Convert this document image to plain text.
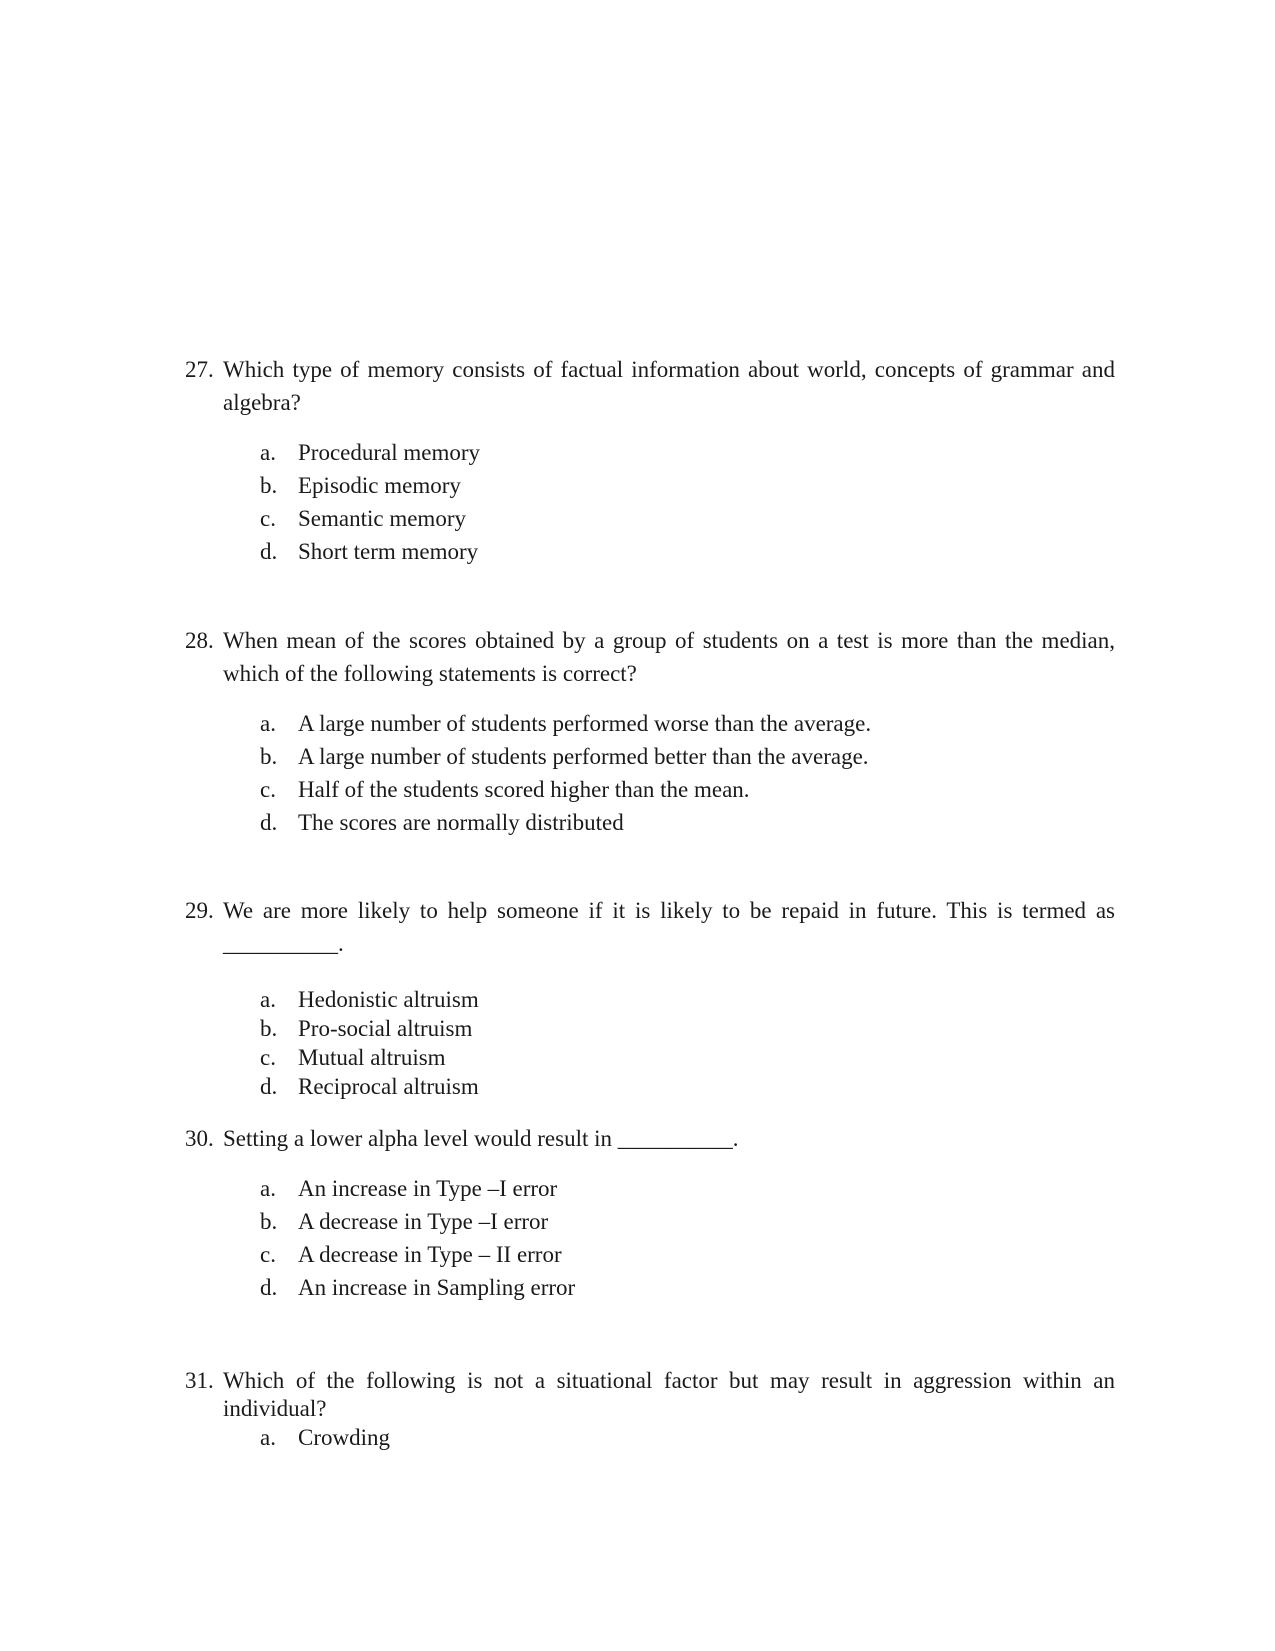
27. Which type of memory consists of factual information about world, concepts of grammar and algebra?
a. Procedural memory
b. Episodic memory
c. Semantic memory
d. Short term memory
28. When mean of the scores obtained by a group of students on a test is more than the median, which of the following statements is correct?
a. A large number of students performed worse than the average.
b. A large number of students performed better than the average.
c. Half of the students scored higher than the mean.
d. The scores are normally distributed
29. We are more likely to help someone if it is likely to be repaid in future. This is termed as __________.
a. Hedonistic altruism
b. Pro-social altruism
c. Mutual altruism
d. Reciprocal altruism
30. Setting a lower alpha level would result in __________.
a. An increase in Type –I error
b. A decrease in Type –I error
c. A decrease in Type – II error
d. An increase in Sampling error
31. Which of the following is not a situational factor but may result in aggression within an individual?
a. Crowding
